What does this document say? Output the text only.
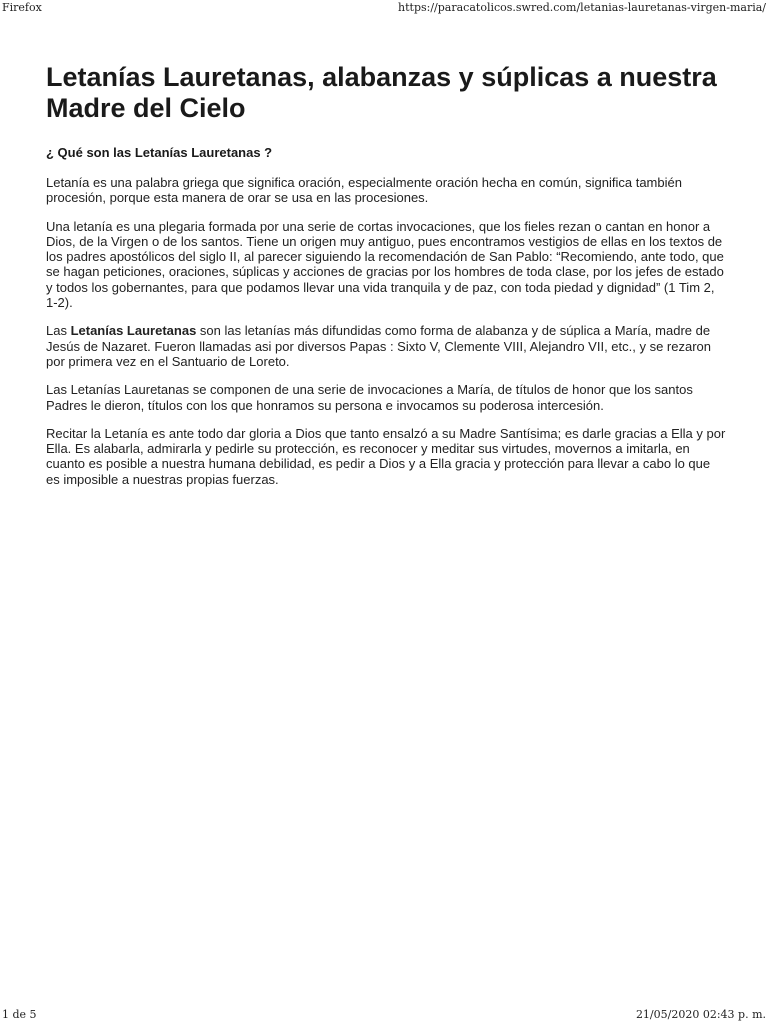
Firefox	https://paracatolicos.swred.com/letanias-lauretanas-virgen-maria/
Letanías Lauretanas, alabanzas y súplicas a nuestra Madre del Cielo
¿ Qué son las Letanías Lauretanas ?

Letanía es una palabra griega que significa oración, especialmente oración hecha en común, significa también procesión, porque esta manera de orar se usa en las procesiones.

Una letanía es una plegaria formada por una serie de cortas invocaciones, que los fieles rezan o cantan en honor a Dios, de la Virgen o de los santos. Tiene un origen muy antiguo, pues encontramos vestigios de ellas en los textos de los padres apostólicos del siglo II, al parecer siguiendo la recomendación de San Pablo: “Recomiendo, ante todo, que se hagan peticiones, oraciones, súplicas y acciones de gracias por los hombres de toda clase, por los jefes de estado y todos los gobernantes, para que podamos llevar una vida tranquila y de paz, con toda piedad y dignidad” (1 Tim 2, 1-2).

Las Letanías Lauretanas son las letanías más difundidas como forma de alabanza y de súplica a María, madre de Jesús de Nazaret. Fueron llamadas asi por diversos Papas : Sixto V, Clemente VIII, Alejandro VII, etc., y se rezaron por primera vez en el Santuario de Loreto.

Las Letanías Lauretanas se componen de una serie de invocaciones a María, de títulos de honor que los santos Padres le dieron, títulos con los que honramos su persona e invocamos su poderosa intercesión.

Recitar la Letanía es ante todo dar gloria a Dios que tanto ensalzó a su Madre Santísima; es darle gracias a Ella y por Ella. Es alabarla, admirarla y pedirle su protección, es reconocer y meditar sus virtudes, movernos a imitarla, en cuanto es posible a nuestra humana debilidad, es pedir a Dios y a Ella gracia y protección para llevar a cabo lo que es imposible a nuestras propias fuerzas.

1 de 5	21/05/2020 02:43 p. m.
